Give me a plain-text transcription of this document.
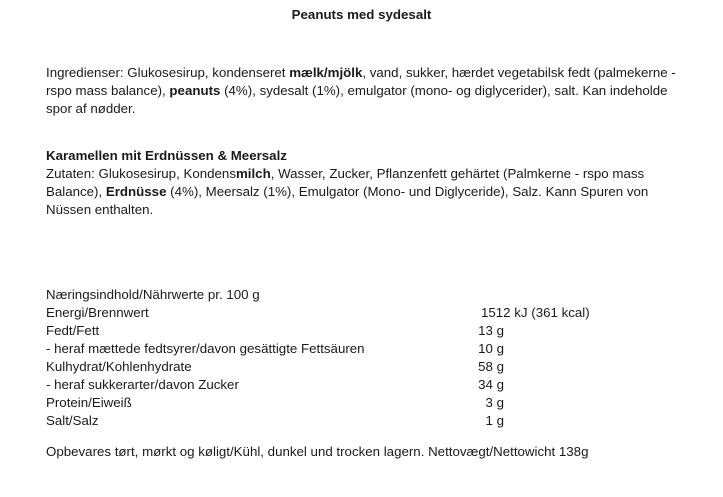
Peanuts med sydesalt
Ingredienser: Glukosesirup, kondenseret mælk/mjölk, vand, sukker, hærdet vegetabilsk fedt (palmekerne - rspo mass balance), peanuts (4%), sydesalt (1%), emulgator (mono- og diglycerider), salt. Kan indeholde spor af nødder.
Karamellen mit Erdnüssen & Meersalz
Zutaten: Glukosesirup, Kondensmilch, Wasser, Zucker, Pflanzenfett gehärtet (Palmkerne - rspo mass Balance), Erdnüsse (4%), Meersalz (1%), Emulgator (Mono- und Diglyceride), Salz. Kann Spuren von Nüssen enthalten.
Næringsindhold/Nährwerte pr. 100 g
Energi/Brennwert	1512 kJ (361 kcal)
Fedt/Fett	13 g
- heraf mættede fedtsyrer/davon gesättigte Fettsäuren	10 g
Kulhydrat/Kohlenhydrate	58 g
- heraf sukkerarter/davon Zucker	34 g
Protein/Eiweiß	3 g
Salt/Salz	1 g
Opbevares tørt, mørkt og køligt/Kühl, dunkel und trocken lagern. Nettovægt/Nettowicht 138g
